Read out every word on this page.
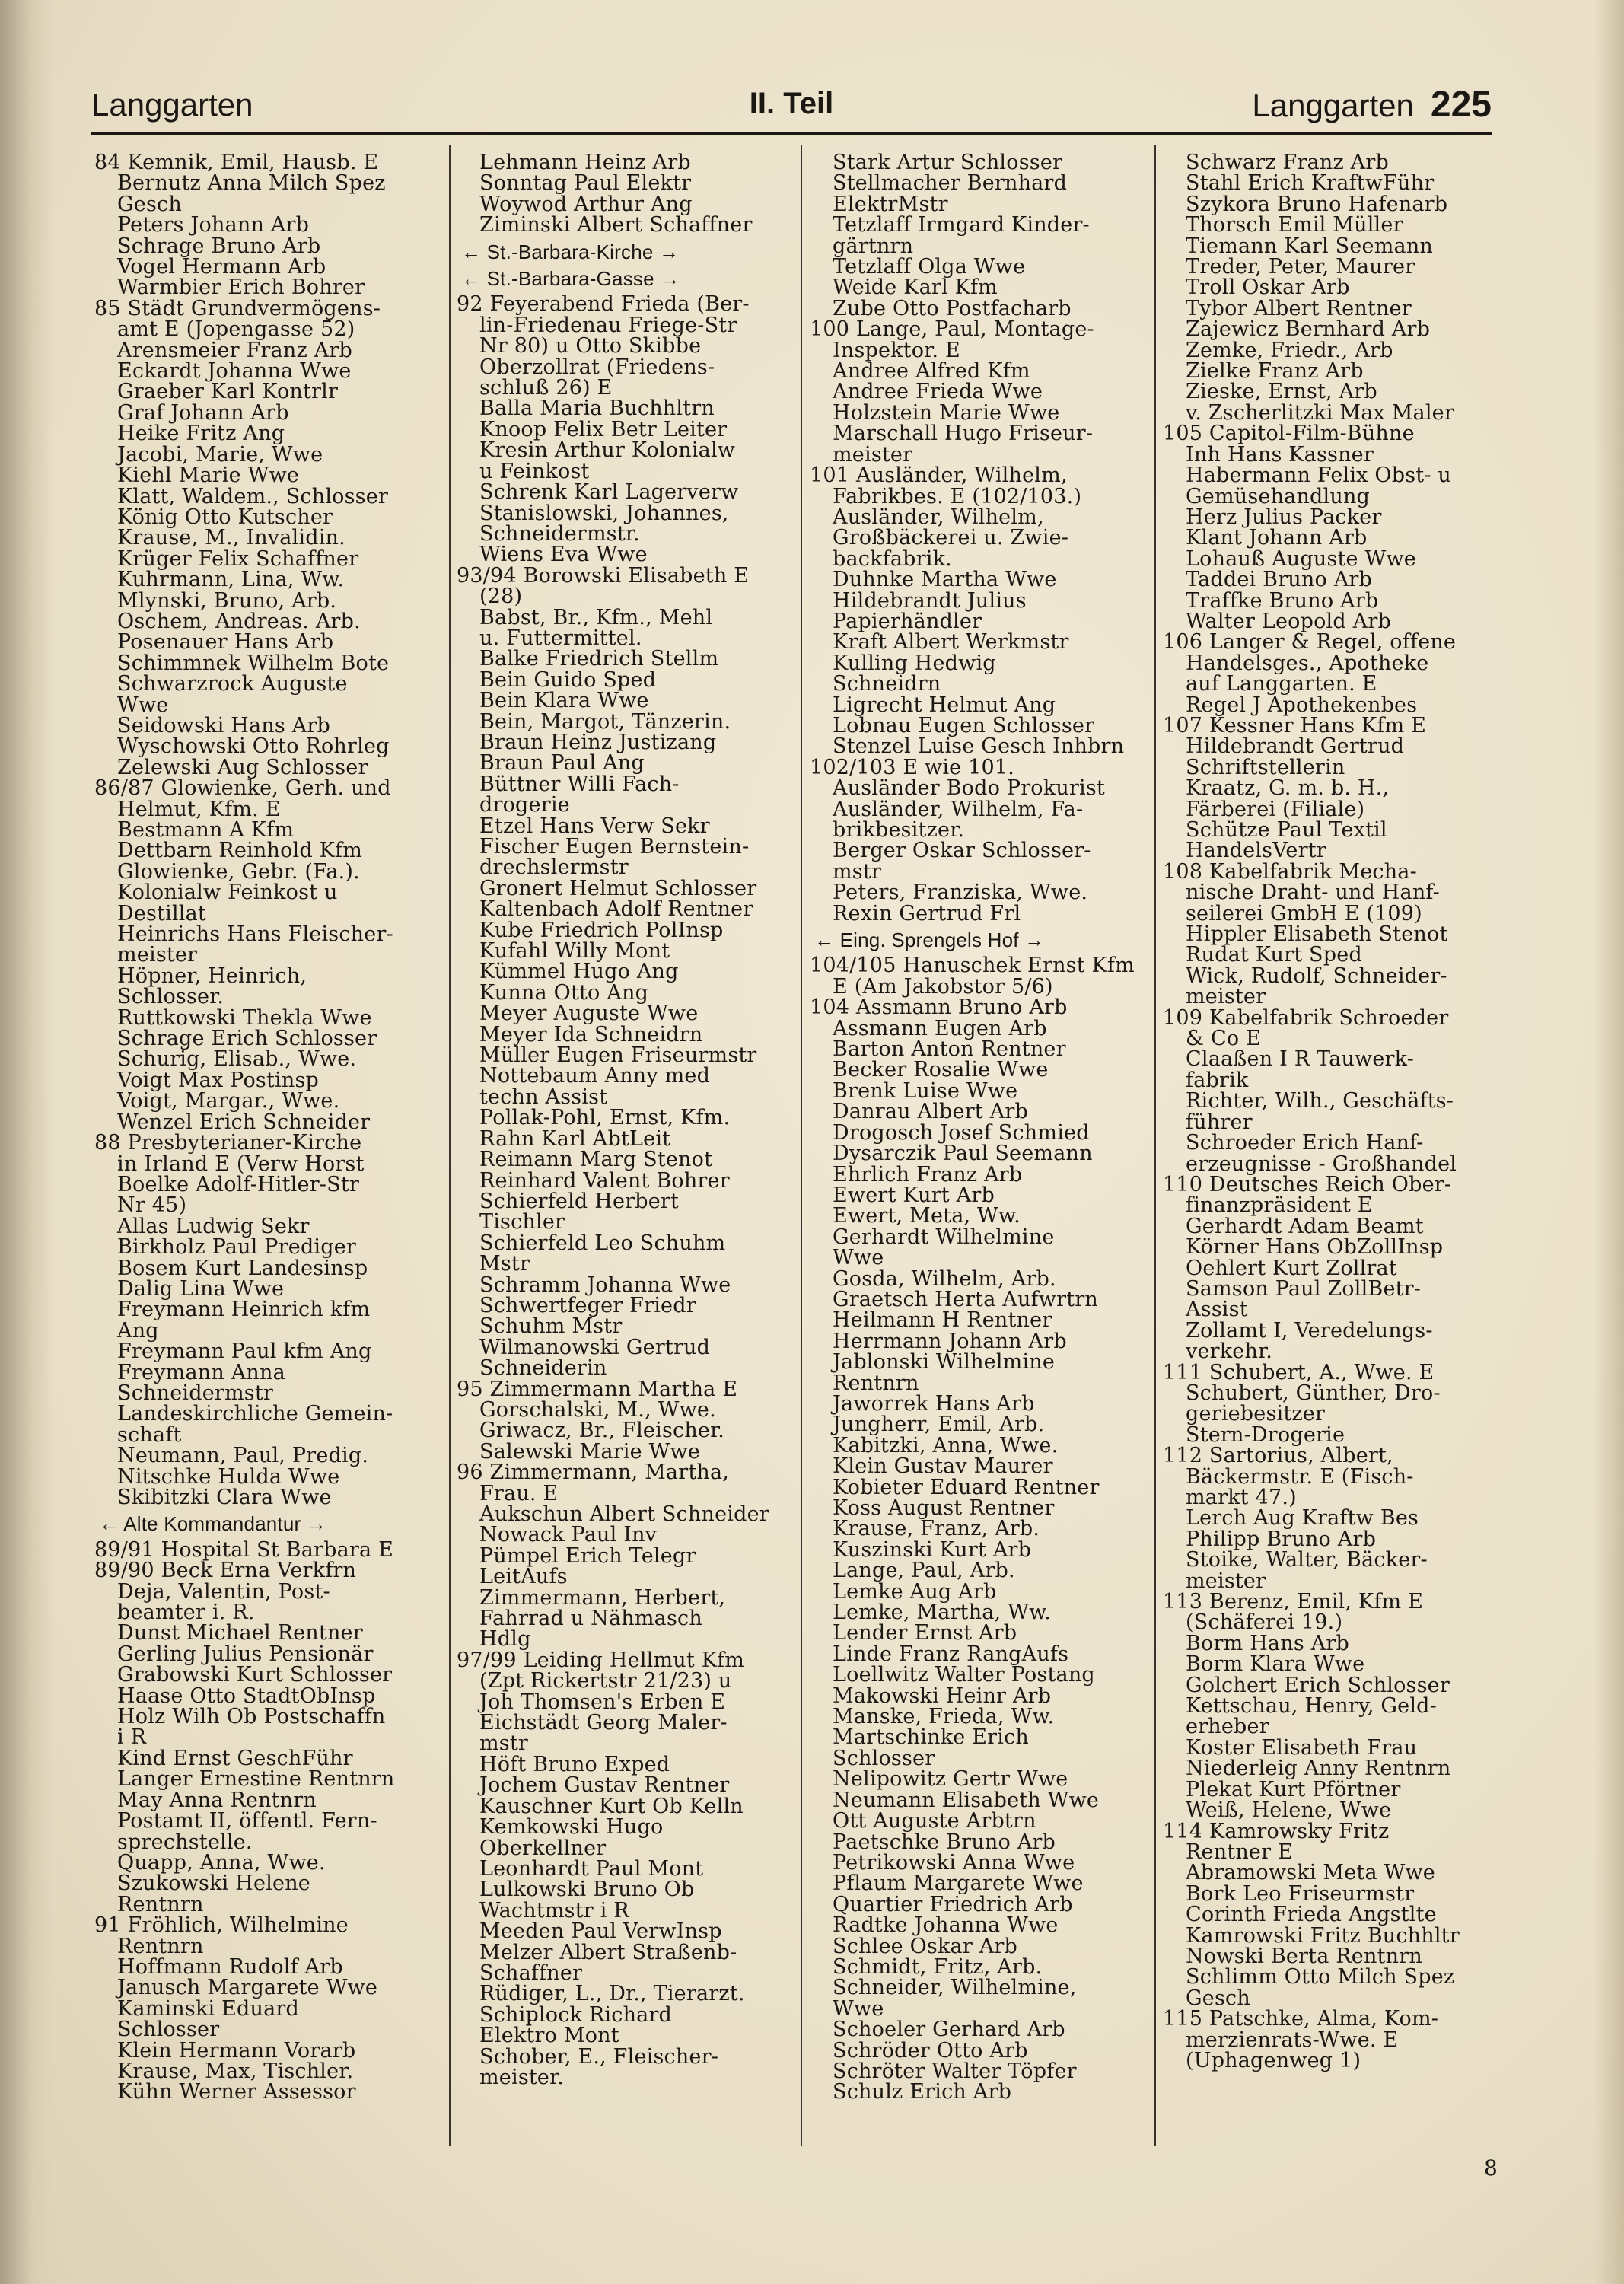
Langgarten	II. Teil	Langgarten 225
84 Kemnik, Emil, Hausb. E
Bernutz Anna Milch Spez
Gesch
Peters Johann Arb
Schrage Bruno Arb
Vogel Hermann Arb
Warmbier Erich Bohrer
85 Städt Grundvermögens-
amt E (Jopengasse 52)
Arensmeier Franz Arb
Eckardt Johanna Wwe
Graeber Karl Kontrlr
Graf Johann Arb
Heike Fritz Ang
Jacobi, Marie, Wwe
Kiehl Marie Wwe
Klatt, Waldem., Schlosser
König Otto Kutscher
Krause, M., Invalidin.
Krüger Felix Schaffner
Kuhrmann, Lina, Ww.
Mlynski, Bruno, Arb.
Oschem, Andreas. Arb.
Posenauer Hans Arb
Schimmnek Wilhelm Bote
Schwarzrock Auguste
Wwe
Seidowski Hans Arb
Wyschowski Otto Rohrleg
Zelewski Aug Schlosser
86/87 Glowienke, Gerh. und
Helmut, Kfm. E
Bestmann A Kfm
Dettbarn Reinhold Kfm
Glowienke, Gebr. (Fa.).
Kolonialw Feinkost u
Destillat
Heinrichs Hans Fleischer-
meister
Höpner, Heinrich,
Schlosser.
Ruttkowski Thekla Wwe
Schrage Erich Schlosser
Schurig, Elisab., Wwe.
Voigt Max Postinsp
Voigt, Margar., Wwe.
Wenzel Erich Schneider
88 Presbyterianer-Kirche
in Irland E (Verw Horst
Boelke Adolf-Hitler-Str
Nr 45)
Allas Ludwig Sekr
Birkholz Paul Prediger
Bosem Kurt Landesinsp
Dalig Lina Wwe
Freymann Heinrich kfm
Ang
Freymann Paul kfm Ang
Freymann Anna
Schneidermstr
Landeskirchliche Gemein-
schaft
Neumann, Paul, Predig.
Nitschke Hulda Wwe
Skibitzki Clara Wwe
← Alte Kommandantur →
89/91 Hospital St Barbara E
89/90 Beck Erna Verkfrn
Deja, Valentin, Post-
beamter i. R.
Dunst Michael Rentner
Gerling Julius Pensionär
Grabowski Kurt Schlosser
Haase Otto StadtObInsp
Holz Wilh Ob Postschaffn
i R
Kind Ernst GeschFühr
Langer Ernestine Rentnrn
May Anna Rentnrn
Postamt II, öffentl. Fern-
sprechstelle.
Quapp, Anna, Wwe.
Szukowski Helene
Rentnrn
91 Fröhlich, Wilhelmine
Rentnrn
Hoffmann Rudolf Arb
Janusch Margarete Wwe
Kaminski Eduard
Schlosser
Klein Hermann Vorarb
Krause, Max, Tischler.
Kühn Werner Assessor
Lehmann Heinz Arb
Sonntag Paul Elektr
Woywod Arthur Ang
Ziminski Albert Schaffner
← St.-Barbara-Kirche →
← St.-Barbara-Gasse →
92 Feyerabend Frieda (Ber-
lin-Friedenau Friege-Str
Nr 80) u Otto Skibbe
Oberzollrat (Friedens-
schluß 26) E
Balla Maria Buchhltrn
Knoop Felix Betr Leiter
Kresin Arthur Kolonialw
u Feinkost
Schrenk Karl Lagerverw
Stanislowski, Johannes,
Schneidermstr.
Wiens Eva Wwe
93/94 Borowski Elisabeth E
(28)
Babst, Br., Kfm., Mehl
u. Futtermittel.
Balke Friedrich Stellm
Bein Guido Sped
Bein Klara Wwe
Bein, Margot, Tänzerin.
Braun Heinz Justizang
Braun Paul Ang
Büttner Willi Fach-
drogerie
Etzel Hans Verw Sekr
Fischer Eugen Bernstein-
drechslermstr
Gronert Helmut Schlosser
Kaltenbach Adolf Rentner
Kube Friedrich PolInsp
Kufahl Willy Mont
Kümmel Hugo Ang
Kunna Otto Ang
Meyer Auguste Wwe
Meyer Ida Schneidrn
Müller Eugen Friseurmstr
Nottebaum Anny med
techn Assist
Pollak-Pohl, Ernst, Kfm.
Rahn Karl AbtLeit
Reimann Marg Stenot
Reinhard Valent Bohrer
Schierfeld Herbert
Tischler
Schierfeld Leo Schuhm
Mstr
Schramm Johanna Wwe
Schwertfeger Friedr
Schuhm Mstr
Wilmanowski Gertrud
Schneiderin
95 Zimmermann Martha E
Gorschalski, M., Wwe.
Griwacz, Br., Fleischer.
Salewski Marie Wwe
96 Zimmermann, Martha,
Frau. E
Aukschun Albert Schneider
Nowack Paul Inv
Pümpel Erich Telegr
LeitAufs
Zimmermann, Herbert,
Fahrrad u Nähmasch
Hdlg
97/99 Leiding Hellmut Kfm
(Zpt Rickertstr 21/23) u
Joh Thomsen's Erben E
Eichstädt Georg Maler-
mstr
Höft Bruno Exped
Jochem Gustav Rentner
Kauschner Kurt Ob Kelln
Kemkowski Hugo
Oberkellner
Leonhardt Paul Mont
Lulkowski Bruno Ob
Wachtmstr i R
Meeden Paul VerwInsp
Melzer Albert Straßenb-
Schaffner
Rüdiger, L., Dr., Tierarzt.
Schiplock Richard
Elektro Mont
Schober, E., Fleischer-
meister.
Stark Artur Schlosser
Stellmacher Bernhard
ElektrMstr
Tetzlaff Irmgard Kinder-
gärtnrn
Tetzlaff Olga Wwe
Weide Karl Kfm
Zube Otto Postfacharb
100 Lange, Paul, Montage-
Inspektor. E
Andree Alfred Kfm
Andree Frieda Wwe
Holzstein Marie Wwe
Marschall Hugo Friseur-
meister
101 Ausländer, Wilhelm,
Fabrikbes. E (102/103.)
Ausländer, Wilhelm,
Großbäckerei u. Zwie-
backfabrik.
Duhnke Martha Wwe
Hildebrandt Julius
Papierhändler
Kraft Albert Werkmstr
Kulling Hedwig
Schneidrn
Ligrecht Helmut Ang
Lobnau Eugen Schlosser
Stenzel Luise Gesch Inhbrn
102/103 E wie 101.
Ausländer Bodo Prokurist
Ausländer, Wilhelm, Fa-
brikbesitzer.
Berger Oskar Schlosser-
mstr
Peters, Franziska, Wwe.
Rexin Gertrud Frl
← Eing. Sprengels Hof →
104/105 Hanuschek Ernst Kfm
E (Am Jakobstor 5/6)
104 Assmann Bruno Arb
Assmann Eugen Arb
Barton Anton Rentner
Becker Rosalie Wwe
Brenk Luise Wwe
Danrau Albert Arb
Drogosch Josef Schmied
Dysarczik Paul Seemann
Ehrlich Franz Arb
Ewert Kurt Arb
Ewert, Meta, Ww.
Gerhardt Wilhelmine
Wwe
Gosda, Wilhelm, Arb.
Graetsch Herta Aufwrtrn
Heilmann H Rentner
Herrmann Johann Arb
Jablonski Wilhelmine
Rentnrn
Jaworrek Hans Arb
Jungherr, Emil, Arb.
Kabitzki, Anna, Wwe.
Klein Gustav Maurer
Kobieter Eduard Rentner
Koss August Rentner
Krause, Franz, Arb.
Kuszinski Kurt Arb
Lange, Paul, Arb.
Lemke Aug Arb
Lemke, Martha, Ww.
Lender Ernst Arb
Linde Franz RangAufs
Loellwitz Walter Postang
Makowski Heinr Arb
Manske, Frieda, Ww.
Martschinke Erich
Schlosser
Nelipowitz Gertr Wwe
Neumann Elisabeth Wwe
Ott Auguste Arbtrn
Paetschke Bruno Arb
Petrikowski Anna Wwe
Pflaum Margarete Wwe
Quartier Friedrich Arb
Radtke Johanna Wwe
Schlee Oskar Arb
Schmidt, Fritz, Arb.
Schneider, Wilhelmine,
Wwe
Schoeler Gerhard Arb
Schröder Otto Arb
Schröter Walter Töpfer
Schulz Erich Arb
Schwarz Franz Arb
Stahl Erich KraftwFühr
Szykora Bruno Hafenarb
Thorsch Emil Müller
Tiemann Karl Seemann
Treder, Peter, Maurer
Troll Oskar Arb
Tybor Albert Rentner
Zajewicz Bernhard Arb
Zemke, Friedr., Arb
Zielke Franz Arb
Zieske, Ernst, Arb
v. Zscherlitzki Max Maler
105 Capitol-Film-Bühne
Inh Hans Kassner
Habermann Felix Obst- u
Gemüsehandlung
Herz Julius Packer
Klant Johann Arb
Lohauß Auguste Wwe
Taddei Bruno Arb
Traffke Bruno Arb
Walter Leopold Arb
106 Langer & Regel, offene
Handelsges., Apotheke
auf Langgarten. E
Regel J Apothekenbes
107 Kessner Hans Kfm E
Hildebrandt Gertrud
Schriftstellerin
Kraatz, G. m. b. H.,
Färberei (Filiale)
Schütze Paul Textil
HandelsVertr
108 Kabelfabrik Mecha-
nische Draht- und Hanf-
seilerei GmbH E (109)
Hippler Elisabeth Stenot
Rudat Kurt Sped
Wick, Rudolf, Schneider-
meister
109 Kabelfabrik Schroeder
& Co E
Claaßen I R Tauwerk-
fabrik
Richter, Wilh., Geschäfts-
führer
Schroeder Erich Hanf-
erzeugnisse - Großhandel
110 Deutsches Reich Ober-
finanzpräsident E
Gerhardt Adam Beamt
Körner Hans ObZollInsp
Oehlert Kurt Zollrat
Samson Paul ZollBetr-
Assist
Zollamt I, Veredelungs-
verkehr.
111 Schubert, A., Wwe. E
Schubert, Günther, Dro-
geriebesitzer
Stern-Drogerie
112 Sartorius, Albert,
Bäckermstr. E (Fisch-
markt 47.)
Lerch Aug Kraftw Bes
Philipp Bruno Arb
Stoike, Walter, Bäcker-
meister
113 Berenz, Emil, Kfm E
(Schäferei 19.)
Borm Hans Arb
Borm Klara Wwe
Golchert Erich Schlosser
Kettschau, Henry, Geld-
erheber
Koster Elisabeth Frau
Niederleig Anny Rentnrn
Plekat Kurt Pförtner
Weiß, Helene, Wwe
114 Kamrowsky Fritz
Rentner E
Abramowski Meta Wwe
Bork Leo Friseurmstr
Corinth Frieda Angstlte
Kamrowski Fritz Buchhltr
Nowski Berta Rentnrn
Schlimm Otto Milch Spez
Gesch
115 Patschke, Alma, Kom-
merzienrats-Wwe. E
(Uphagenweg 1)
8
